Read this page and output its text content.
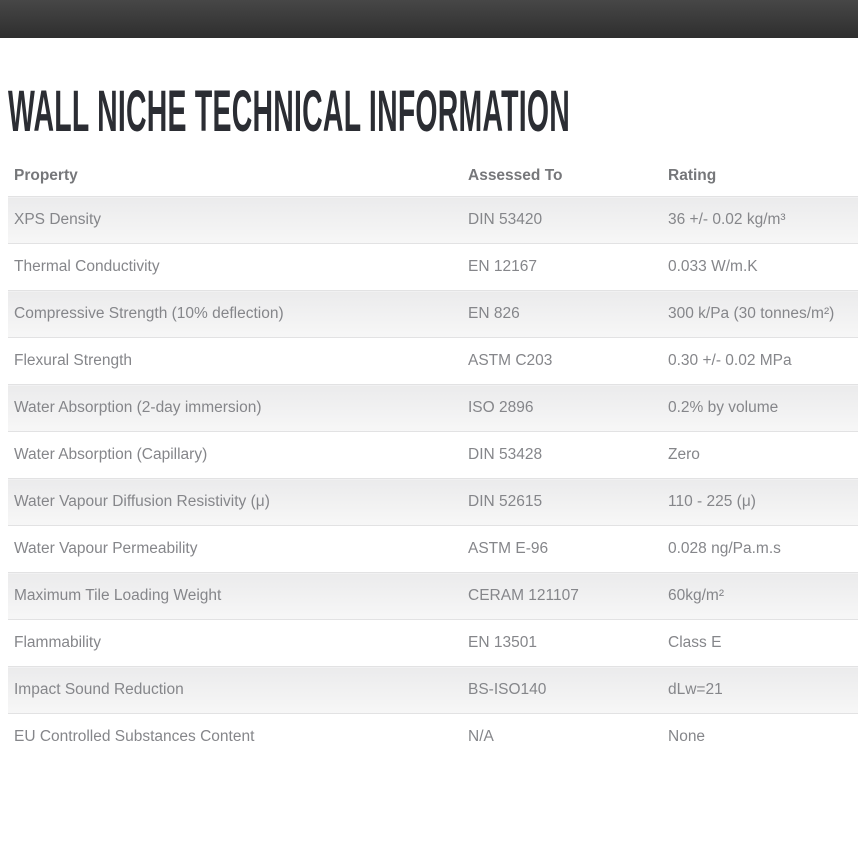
WALL NICHE TECHNICAL INFORMATION
Property	Assessed To	Rating
XPS Density	DIN 53420	36 +/- 0.02 kg/m³
Thermal Conductivity	EN 12167	0.033 W/m.K
Compressive Strength (10% deflection)	EN 826	300 k/Pa (30 tonnes/m²)
Flexural Strength	ASTM C203	0.30 +/- 0.02 MPa
Water Absorption (2-day immersion)	ISO 2896	0.2% by volume
Water Absorption (Capillary)	DIN 53428	Zero
Water Vapour Diffusion Resistivity (μ)	DIN 52615	110 - 225 (μ)
Water Vapour Permeability	ASTM E-96	0.028 ng/Pa.m.s
Maximum Tile Loading Weight	CERAM 121107	60kg/m²
Flammability	EN 13501	Class E
Impact Sound Reduction	BS-ISO140	dLw=21
EU Controlled Substances Content	N/A	None
